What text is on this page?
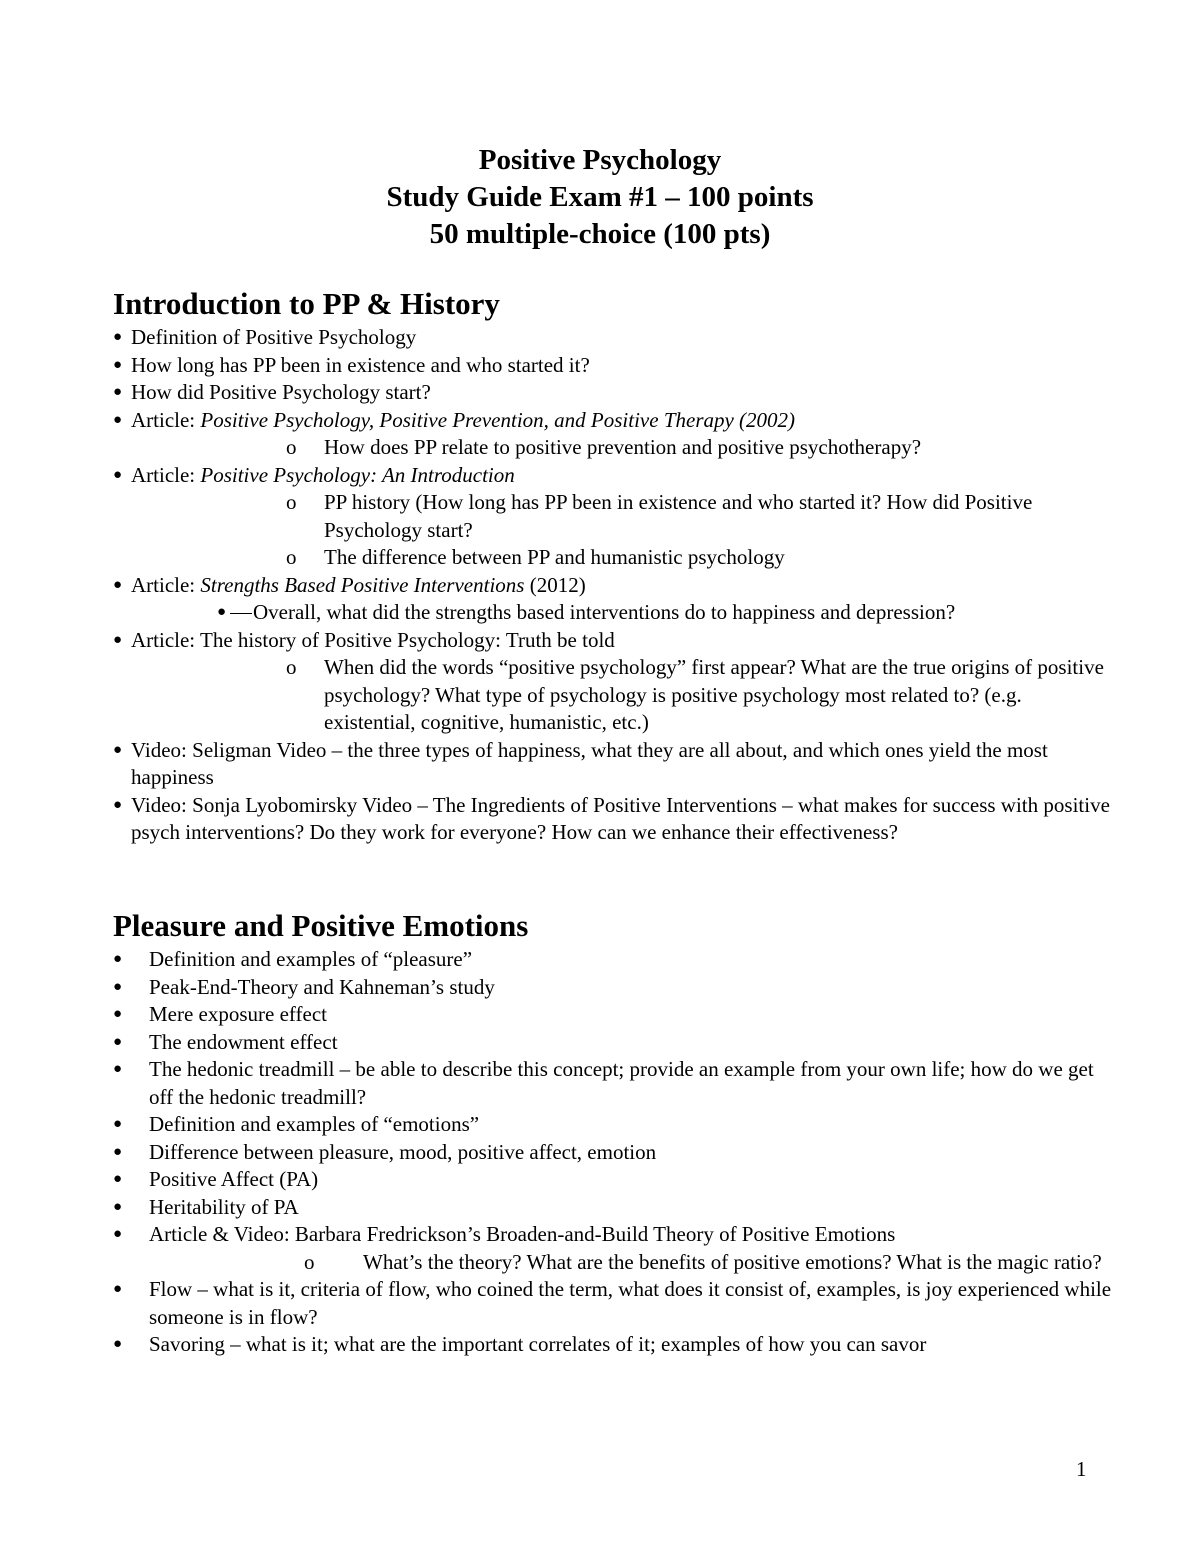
Positive Psychology
Study Guide Exam #1 – 100 points
50 multiple-choice (100 pts)
Introduction to PP & History
● Definition of Positive Psychology
● How long has PP been in existence and who started it?
● How did Positive Psychology start?
● Article: Positive Psychology, Positive Prevention, and Positive Therapy (2002)
o How does PP relate to positive prevention and positive psychotherapy?
● Article: Positive Psychology: An Introduction
o PP history (How long has PP been in existence and who started it? How did Positive Psychology start?
o The difference between PP and humanistic psychology
● Article: Strengths Based Positive Interventions (2012)
● Overall, what did the strengths based interventions do to happiness and depression?
● Article: The history of Positive Psychology: Truth be told
o When did the words “positive psychology” first appear? What are the true origins of positive psychology? What type of psychology is positive psychology most related to? (e.g. existential, cognitive, humanistic, etc.)
● Video: Seligman Video – the three types of happiness, what they are all about, and which ones yield the most happiness
● Video: Sonja Lyobomirsky Video – The Ingredients of Positive Interventions – what makes for success with positive psych interventions? Do they work for everyone? How can we enhance their effectiveness?
Pleasure and Positive Emotions
● Definition and examples of “pleasure”
● Peak-End-Theory and Kahneman’s study
● Mere exposure effect
● The endowment effect
● The hedonic treadmill – be able to describe this concept; provide an example from your own life; how do we get off the hedonic treadmill?
● Definition and examples of “emotions”
● Difference between pleasure, mood, positive affect, emotion
● Positive Affect (PA)
● Heritability of PA
● Article & Video: Barbara Fredrickson’s Broaden-and-Build Theory of Positive Emotions
o What’s the theory? What are the benefits of positive emotions? What is the magic ratio?
● Flow – what is it, criteria of flow, who coined the term, what does it consist of, examples, is joy experienced while someone is in flow?
● Savoring – what is it; what are the important correlates of it; examples of how you can savor
1
